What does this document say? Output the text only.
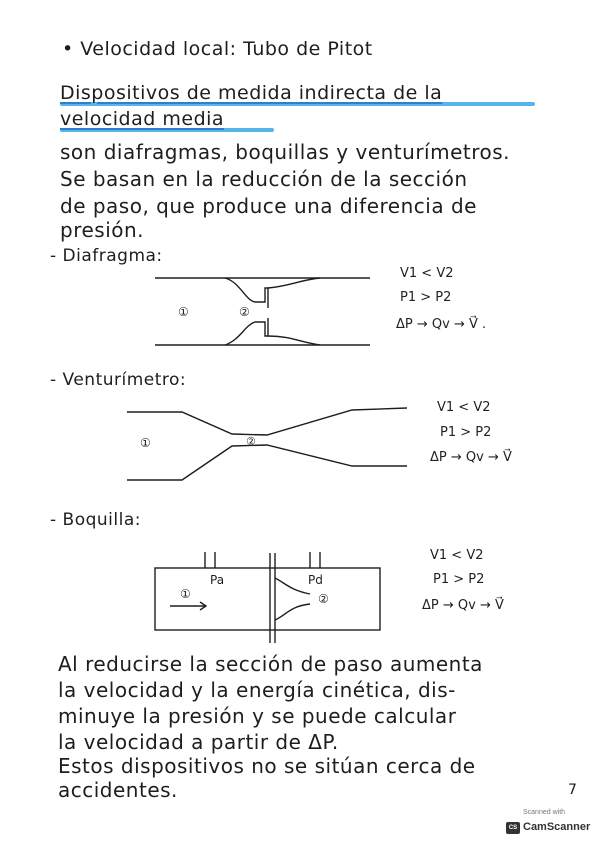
• Velocidad local: Tubo de Pitot
Dispositivos de medida indirecta de la
velocidad media
son diafragmas, boquillas y venturímetros.
Se basan en la reducción de la sección
de paso, que produce una diferencia de
presión.
- Diafragma:
①	②
V1 < V2
P1 > P2
ΔP → Qv → V⃗ .
- Venturímetro:
①	②
V1 < V2
P1 > P2
ΔP → Qv → V⃗
- Boquilla:
①	②
Pa	Pd
V1 < V2
P1 > P2
ΔP → Qv → V⃗
Al reducirse la sección de paso aumenta
la velocidad y la energía cinética, dis-
minuye la presión y se puede calcular
la velocidad a partir de ΔP.
Estos dispositivos no se sitúan cerca de
accidentes.	7
Scanned with
CS CamScanner
